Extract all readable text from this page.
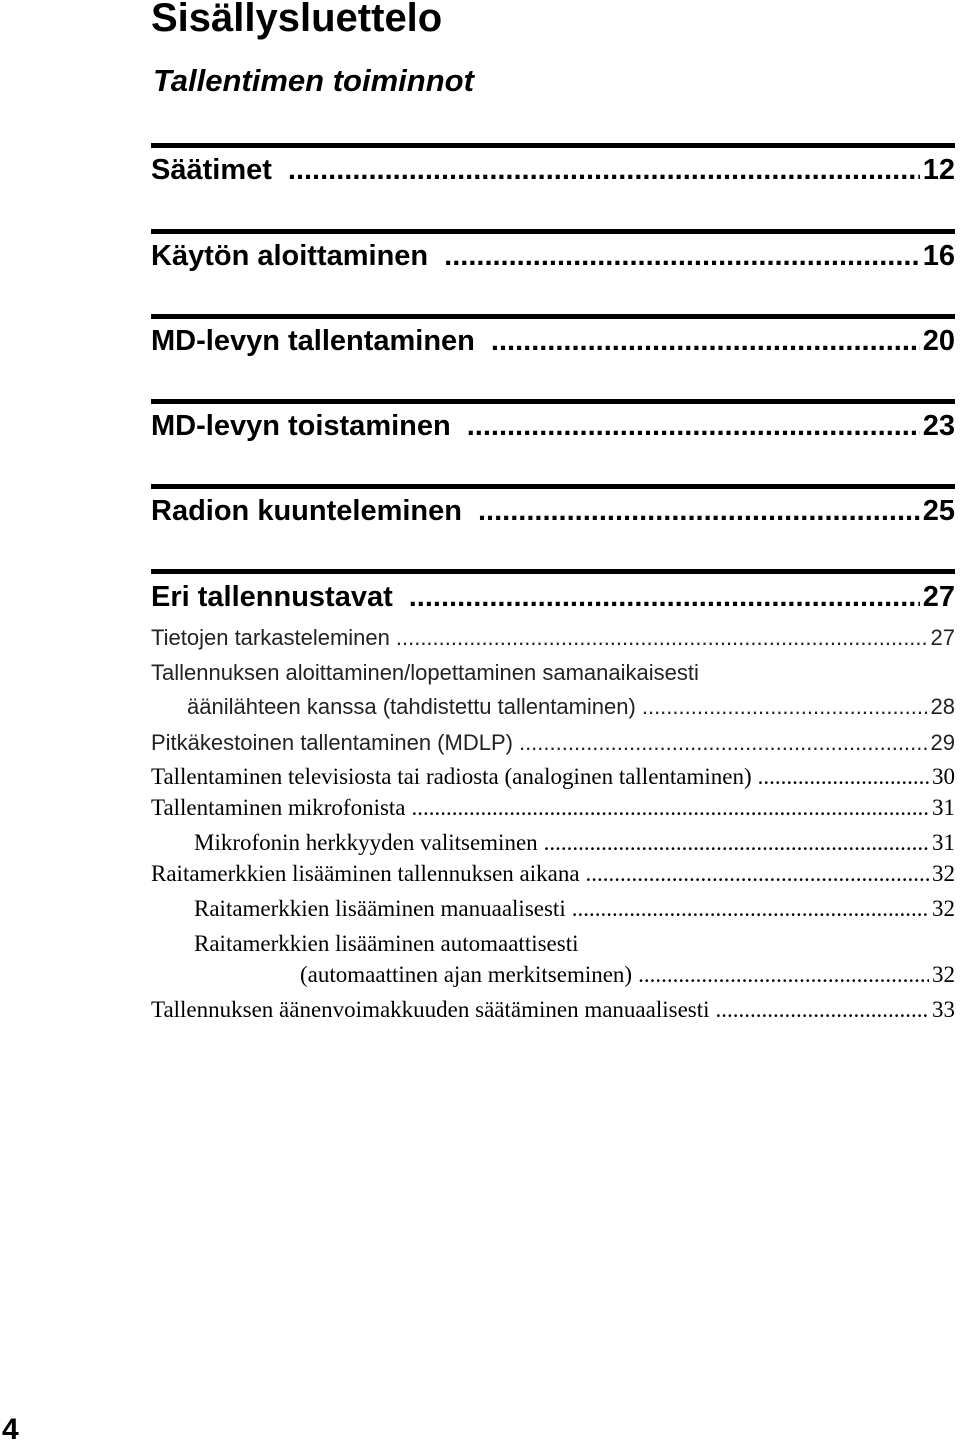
Sisällysluettelo
Tallentimen toiminnot
Säätimet .....	12
Käytön aloittaminen .....	16
MD-levyn tallentaminen .....	20
MD-levyn toistaminen .....	23
Radion kuunteleminen .....	25
Eri tallennustavat .....	27
Tietojen tarkasteleminen .....	27
Tallennuksen aloittaminen/lopettaminen samanaikaisesti
äänilähteen kanssa (tahdistettu tallentaminen) .....	28
Pitkäkestoinen tallentaminen (MDLP) .....	29
Tallentaminen televisiosta tai radiosta (analoginen tallentaminen) .....	30
Tallentaminen mikrofonista .....	31
Mikrofonin herkkyyden valitseminen .....	31
Raitamerkkien lisääminen tallennuksen aikana .....	32
Raitamerkkien lisääminen manuaalisesti .....	32
Raitamerkkien lisääminen automaattisesti
(automaattinen ajan merkitseminen) .....	32
Tallennuksen äänenvoimakkuuden säätäminen manuaalisesti .....	33
4
